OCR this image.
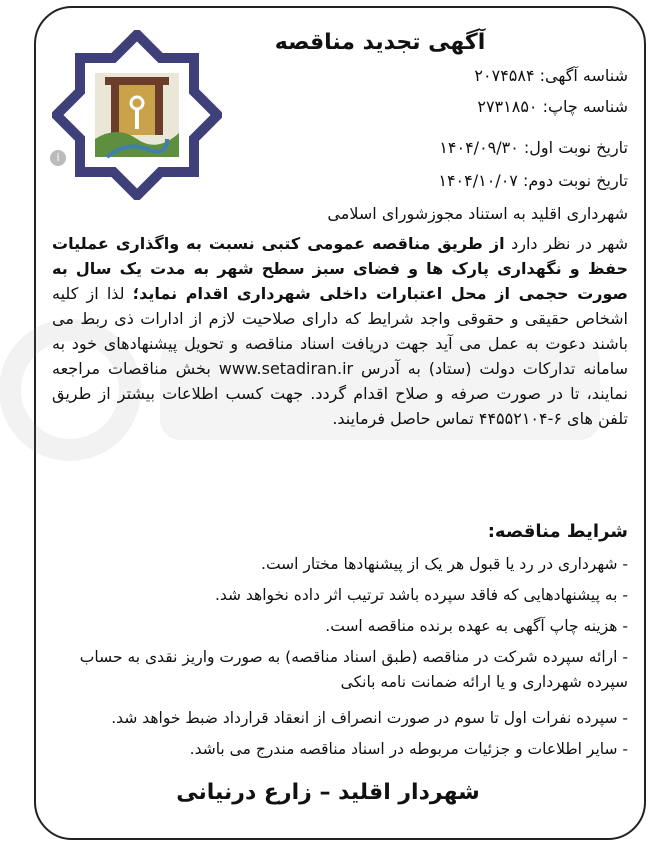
i
آگهی تجدید مناقصه
شناسه آگهی: ۲۰۷۴۵۸۴
شناسه چاپ: ۲۷۳۱۸۵۰
تاریخ نوبت اول: ۱۴۰۴/۰۹/۳۰
تاریخ نوبت دوم: ۱۴۰۴/۱۰/۰۷
شهرداری اقلید به استناد مجوزشورای اسلامی
شهر در نظر دارد از طریق مناقصه عمومی کتبی نسبت به واگذاری عملیات حفظ و نگهداری پارک ها و فضای سبز سطح شهر به مدت یک سال به صورت حجمی از محل اعتبارات داخلی شهرداری اقدام نماید؛ لذا از کلیه اشخاص حقیقی و حقوقی واجد شرایط که دارای صلاحیت لازم از ادارات ذی ربط می باشند دعوت به عمل می آید جهت دریافت اسناد مناقصه و تحویل پیشنهادهای خود به سامانه تدارکات دولت (ستاد) به آدرس www.setadiran.ir بخش مناقصات مراجعه نمایند، تا در صورت صرفه و صلاح اقدام گردد. جهت کسب اطلاعات بیشتر از طریق تلفن های ۶-۴۴۵۵۲۱۰۴ تماس حاصل فرمایند.
شرایط مناقصه:
- شهرداری در رد یا قبول هر یک از پیشنهادها مختار است.
- به پیشنهادهایی که فاقد سپرده باشد ترتیب اثر داده نخواهد شد.
- هزینه چاپ آگهی به عهده برنده مناقصه است.
- ارائه سپرده شرکت در مناقصه (طبق اسناد مناقصه) به صورت واریز نقدی به حساب سپرده شهرداری و یا ارائه ضمانت نامه بانکی
- سپرده نفرات اول تا سوم در صورت انصراف از انعقاد قرارداد ضبط خواهد شد.
- سایر اطلاعات و جزئیات مربوطه در اسناد مناقصه مندرج می باشد.
شهردار اقلید – زارع درنیانی
